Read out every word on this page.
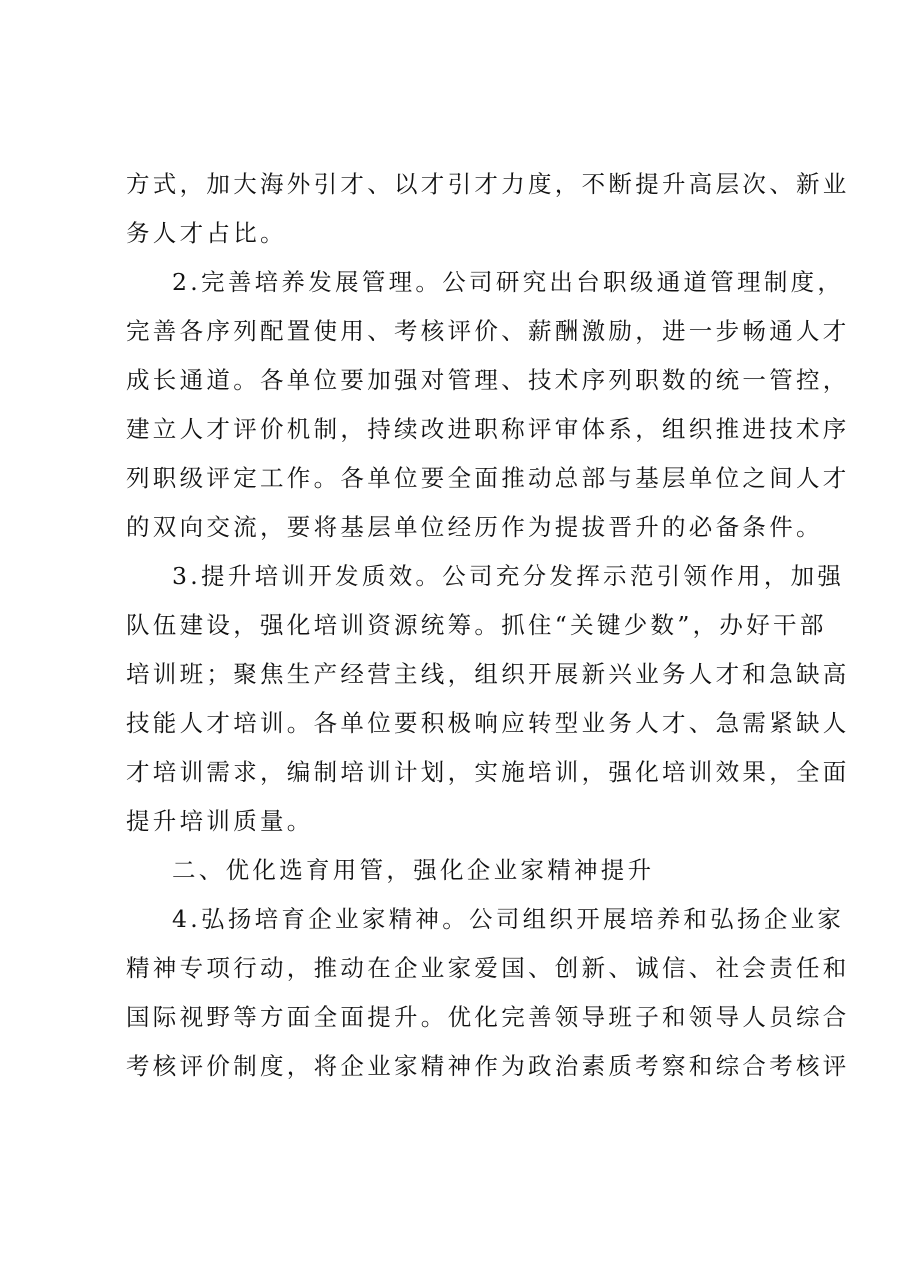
方式，加大海外引才、以才引才力度，不断提升高层次、新业
务人才占比。
2.完善培养发展管理。公司研究出台职级通道管理制度，
完善各序列配置使用、考核评价、薪酬激励，进一步畅通人才
成长通道。各单位要加强对管理、技术序列职数的统一管控，
建立人才评价机制，持续改进职称评审体系，组织推进技术序
列职级评定工作。各单位要全面推动总部与基层单位之间人才
的双向交流，要将基层单位经历作为提拔晋升的必备条件。
3.提升培训开发质效。公司充分发挥示范引领作用，加强
队伍建设，强化培训资源统筹。抓住“关键少数”，办好干部
培训班；聚焦生产经营主线，组织开展新兴业务人才和急缺高
技能人才培训。各单位要积极响应转型业务人才、急需紧缺人
才培训需求，编制培训计划，实施培训，强化培训效果，全面
提升培训质量。
二、优化选育用管，强化企业家精神提升
4.弘扬培育企业家精神。公司组织开展培养和弘扬企业家
精神专项行动，推动在企业家爱国、创新、诚信、社会责任和
国际视野等方面全面提升。优化完善领导班子和领导人员综合
考核评价制度，将企业家精神作为政治素质考察和综合考核评
